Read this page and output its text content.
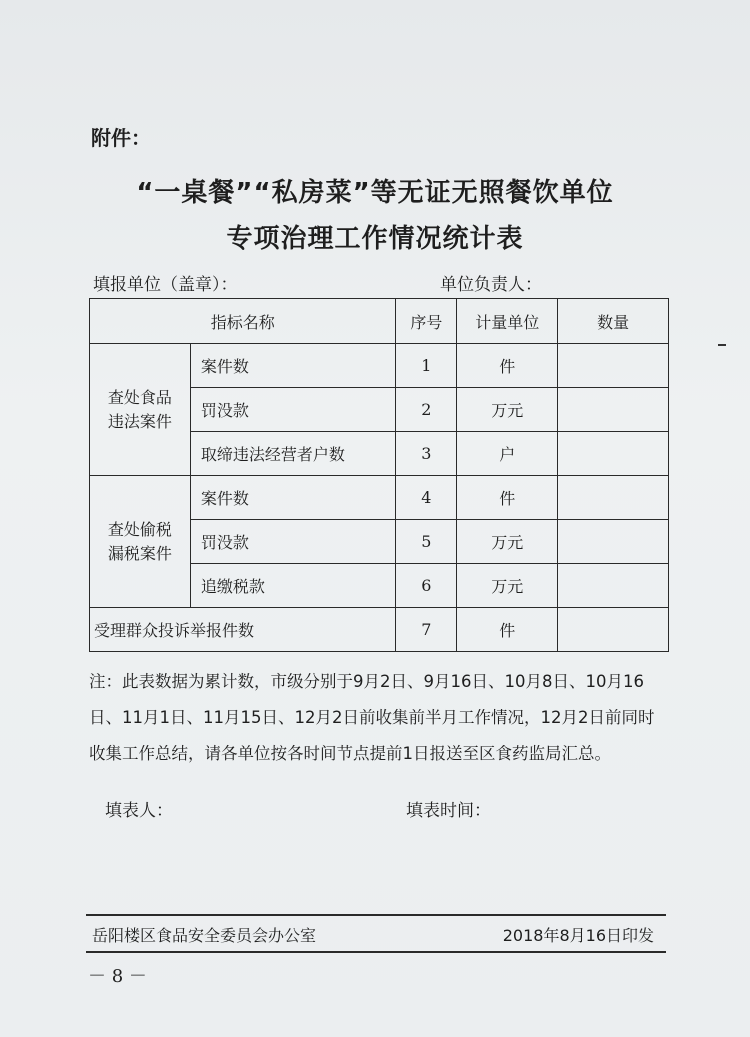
附件：
“一桌餐”“私房菜”等无证无照餐饮单位
专项治理工作情况统计表
填报单位（盖章）：	单位负责人：
指标名称		序号	计量单位	数量

查处食品
违法案件	案件数	1	件	
	罚没款	2	万元	
	取缔违法经营者户数	3	户	

查处偷税
漏税案件	案件数	4	件	
	罚没款	5	万元	
	追缴税款	6	万元	
受理群众投诉举报件数		7	件	
注：此表数据为累计数，市级分别于9月2日、9月16日、10月8日、10月16
日、11月1日、11月15日、12月2日前收集前半月工作情况，12月2日前同时
收集工作总结，请各单位按各时间节点提前1日报送至区食药监局汇总。
填表人：	填表时间：
岳阳楼区食品安全委员会办公室	2018年8月16日印发
－ 8 －
